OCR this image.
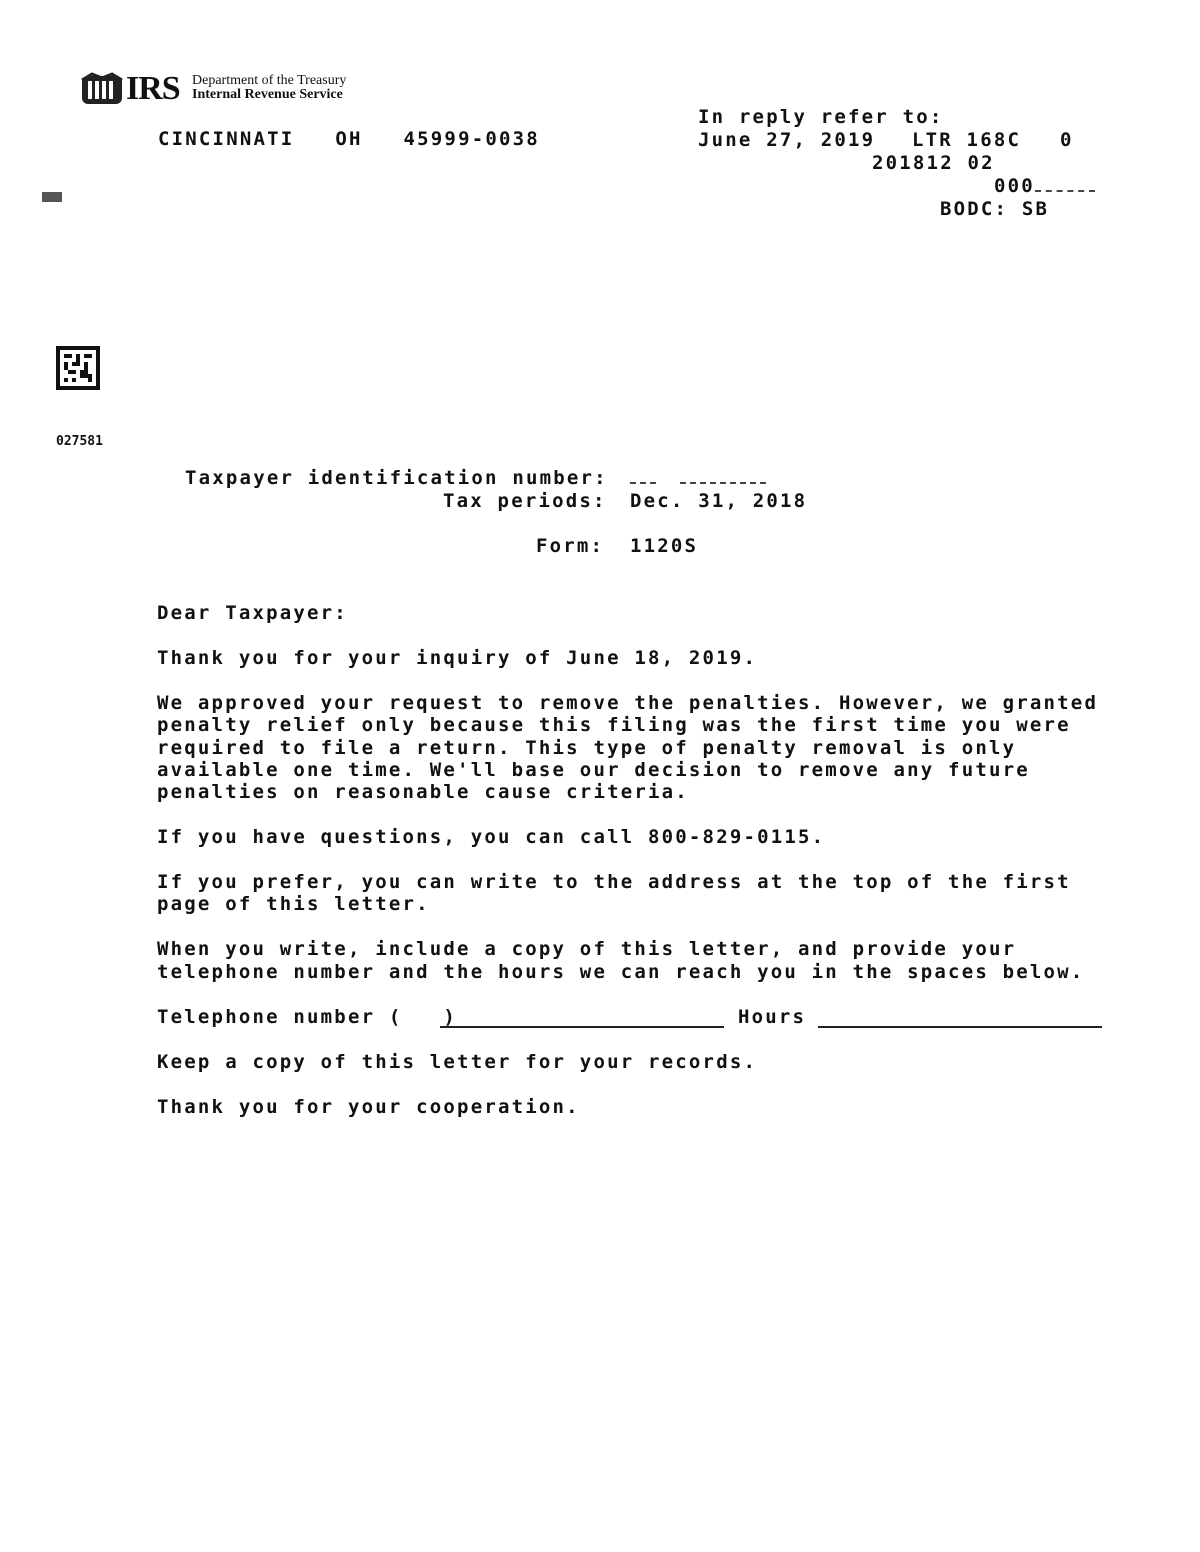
IRS Department of the Treasury
Internal Revenue Service
CINCINNATI OH 45999-0038
In reply refer to:
June 27, 2019 LTR 168C 0
201812 02
000
BODC: SB
027581
Taxpayer identification number:

Tax periods: Dec. 31, 2018
Form: 1120S
Dear Taxpayer:
Thank you for your inquiry of June 18, 2019.
We approved your request to remove the penalties. However, we granted
penalty relief only because this filing was the first time you were
required to file a return. This type of penalty removal is only
available one time. We'll base our decision to remove any future
penalties on reasonable cause criteria.
If you have questions, you can call 800-829-0115.
If you prefer, you can write to the address at the top of the first
page of this letter.
When you write, include a copy of this letter, and provide your
telephone number and the hours we can reach you in the spaces below.
Telephone number (   )	Hours
Keep a copy of this letter for your records.
Thank you for your cooperation.
